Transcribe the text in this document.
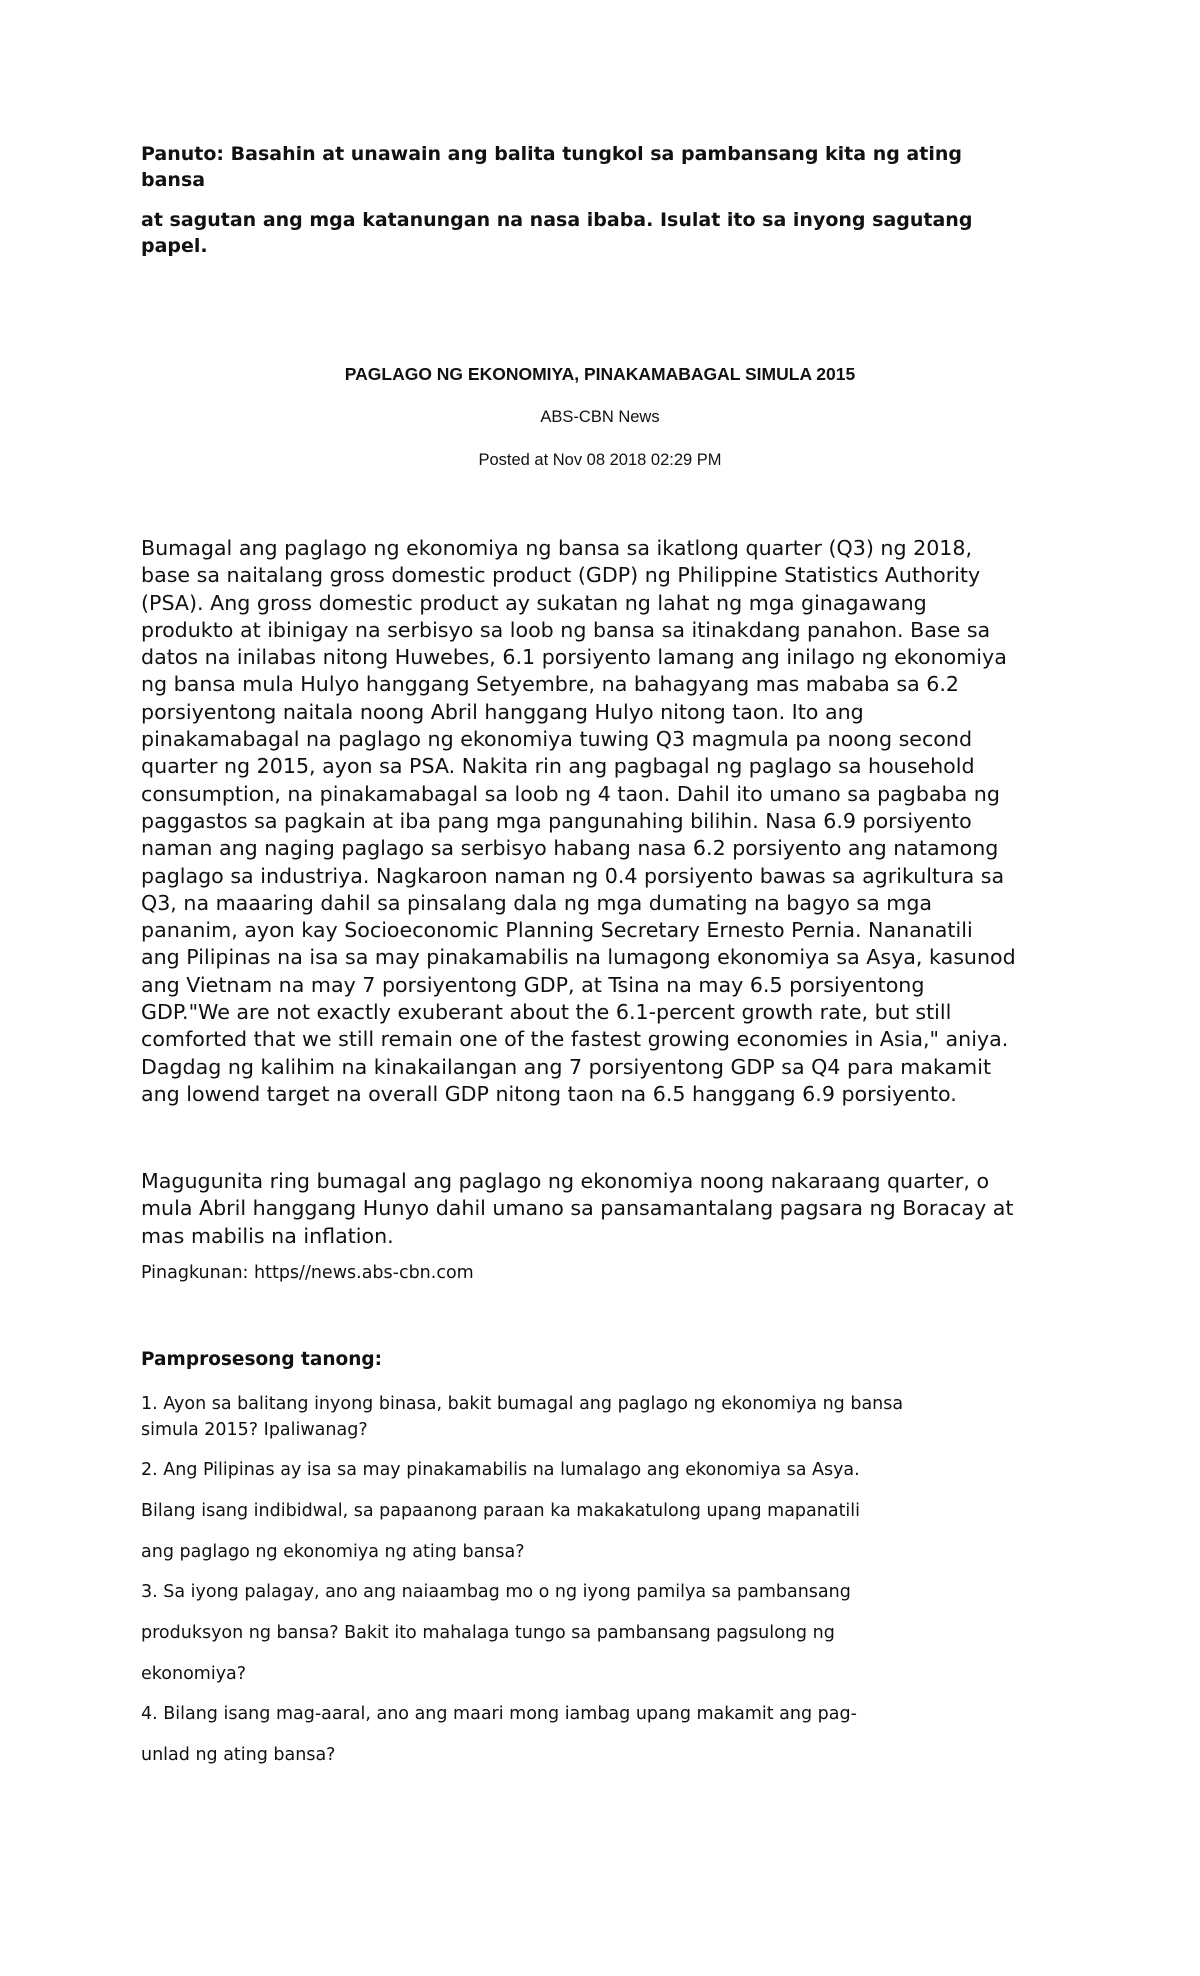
Panuto: Basahin at unawain ang balita tungkol sa pambansang kita ng ating bansa

at sagutan ang mga katanungan na nasa ibaba. Isulat ito sa inyong sagutang papel.

PAGLAGO NG EKONOMIYA, PINAKAMABAGAL SIMULA 2015

ABS-CBN News

Posted at Nov 08 2018 02:29 PM

Bumagal ang paglago ng ekonomiya ng bansa sa ikatlong quarter (Q3) ng 2018,
base sa naitalang gross domestic product (GDP) ng Philippine Statistics Authority
(PSA). Ang gross domestic product ay sukatan ng lahat ng mga ginagawang
produkto at ibinigay na serbisyo sa loob ng bansa sa itinakdang panahon. Base sa
datos na inilabas nitong Huwebes, 6.1 porsiyento lamang ang inilago ng ekonomiya
ng bansa mula Hulyo hanggang Setyembre, na bahagyang mas mababa sa 6.2
porsiyentong naitala noong Abril hanggang Hulyo nitong taon. Ito ang
pinakamabagal na paglago ng ekonomiya tuwing Q3 magmula pa noong second
quarter ng 2015, ayon sa PSA. Nakita rin ang pagbagal ng paglago sa household
consumption, na pinakamabagal sa loob ng 4 taon. Dahil ito umano sa pagbaba ng
paggastos sa pagkain at iba pang mga pangunahing bilihin. Nasa 6.9 porsiyento
naman ang naging paglago sa serbisyo habang nasa 6.2 porsiyento ang natamong
paglago sa industriya. Nagkaroon naman ng 0.4 porsiyento bawas sa agrikultura sa
Q3, na maaaring dahil sa pinsalang dala ng mga dumating na bagyo sa mga
pananim, ayon kay Socioeconomic Planning Secretary Ernesto Pernia. Nananatili
ang Pilipinas na isa sa may pinakamabilis na lumagong ekonomiya sa Asya, kasunod
ang Vietnam na may 7 porsiyentong GDP, at Tsina na may 6.5 porsiyentong
GDP."We are not exactly exuberant about the 6.1-percent growth rate, but still
comforted that we still remain one of the fastest growing economies in Asia," aniya.
Dagdag ng kalihim na kinakailangan ang 7 porsiyentong GDP sa Q4 para makamit
ang lowend target na overall GDP nitong taon na 6.5 hanggang 6.9 porsiyento.
Magugunita ring bumagal ang paglago ng ekonomiya noong nakaraang quarter, o
mula Abril hanggang Hunyo dahil umano sa pansamantalang pagsara ng Boracay at
mas mabilis na inflation.

Pinagkunan: https//news.abs-cbn.com

Pamprosesong tanong:

1. Ayon sa balitang inyong binasa, bakit bumagal ang paglago ng ekonomiya ng bansa

simula 2015? Ipaliwanag?

2. Ang Pilipinas ay isa sa may pinakamabilis na lumalago ang ekonomiya sa Asya.

Bilang isang indibidwal, sa papaanong paraan ka makakatulong upang mapanatili

ang paglago ng ekonomiya ng ating bansa?

3. Sa iyong palagay, ano ang naiaambag mo o ng iyong pamilya sa pambansang

produksyon ng bansa? Bakit ito mahalaga tungo sa pambansang pagsulong ng

ekonomiya?

4. Bilang isang mag-aaral, ano ang maari mong iambag upang makamit ang pag-

unlad ng ating bansa?
